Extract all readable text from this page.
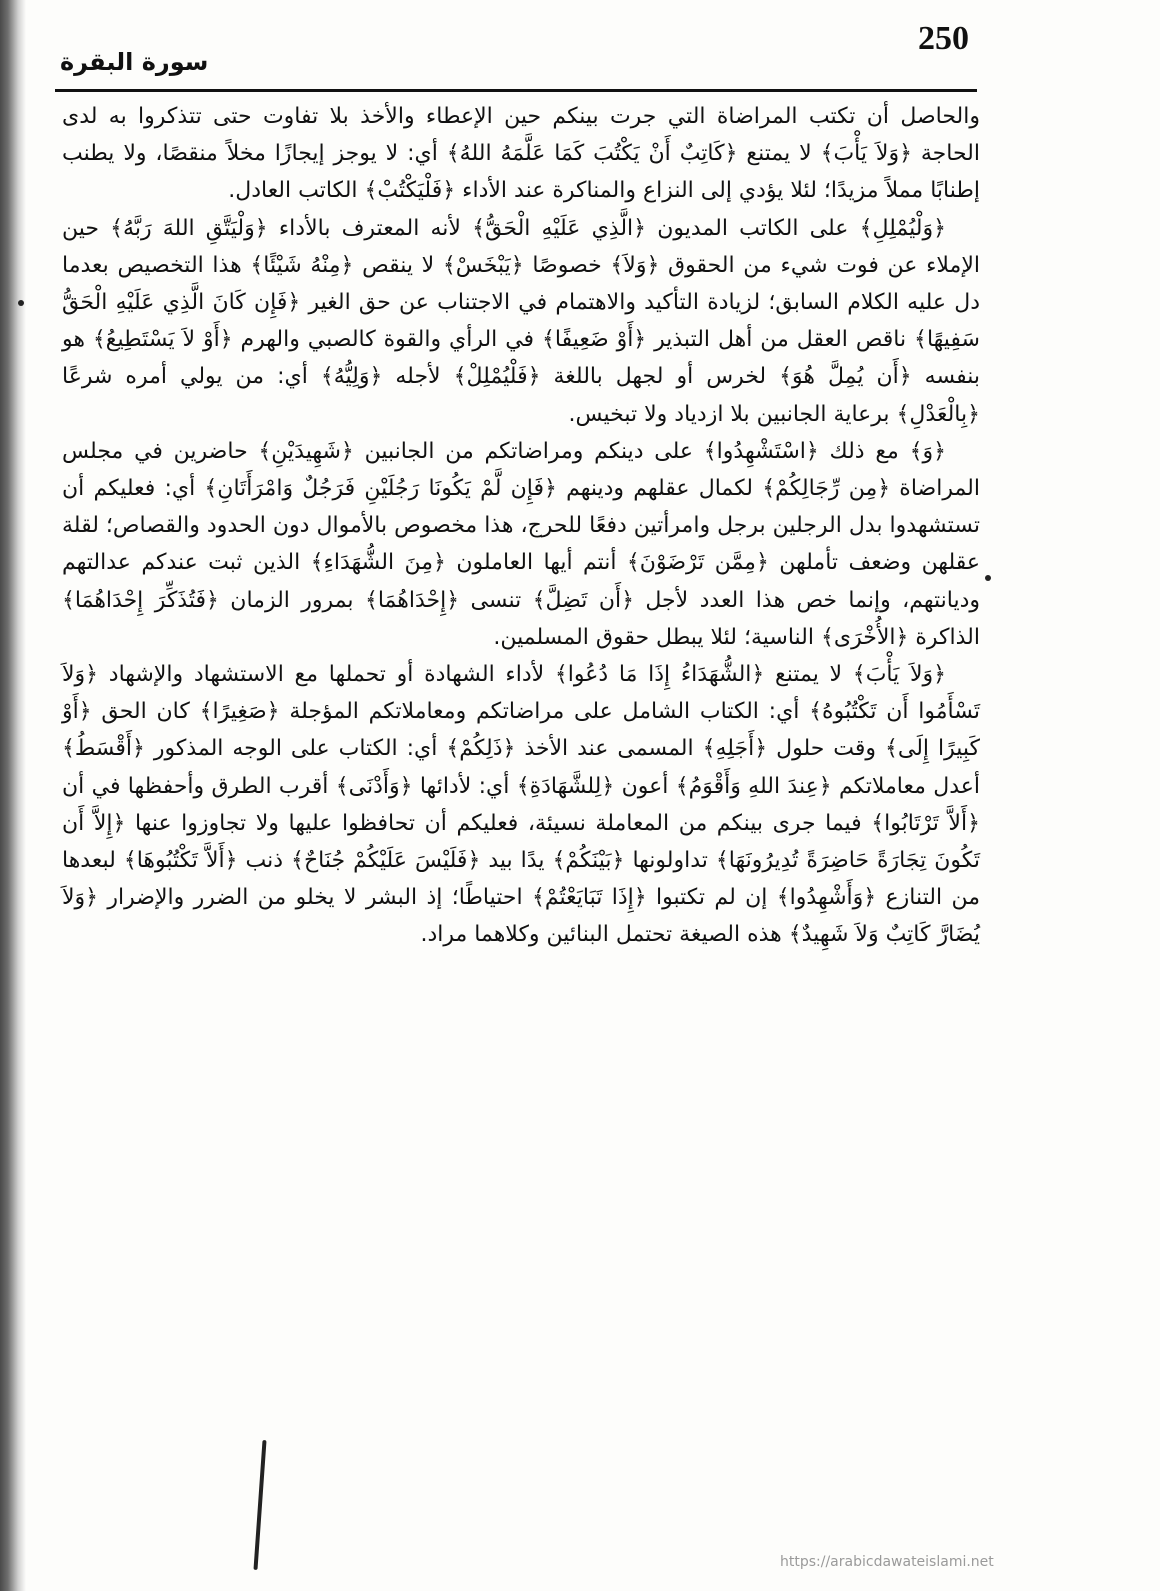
250
سورة البقرة

والحاصل أن تكتب المراضاة التي جرت بينكم حين الإعطاء والأخذ بلا تفاوت حتى تتذكروا به لدى الحاجة ﴿وَلاَ يَأْبَ﴾ لا يمتنع ﴿كَاتِبٌ أَنْ يَكْتُبَ كَمَا عَلَّمَهُ اللهُ﴾ أي: لا يوجز إيجازًا مخلاً منقصًا، ولا يطنب إطنابًا مملاً مزيدًا؛ لئلا يؤدي إلى النزاع والمناكرة عند الأداء ﴿فَلْيَكْتُبْ﴾ الكاتب العادل.

﴿وَلْيُمْلِلِ﴾ على الكاتب المديون ﴿الَّذِي عَلَيْهِ الْحَقُّ﴾ لأنه المعترف بالأداء ﴿وَلْيَتَّقِ اللهَ رَبَّهُ﴾ حين الإملاء عن فوت شيء من الحقوق ﴿وَلاَ﴾ خصوصًا ﴿يَبْخَسْ﴾ لا ينقص ﴿مِنْهُ شَيْئًا﴾ هذا التخصيص بعدما دل عليه الكلام السابق؛ لزيادة التأكيد والاهتمام في الاجتناب عن حق الغير ﴿فَإِن كَانَ الَّذِي عَلَيْهِ الْحَقُّ سَفِيهًا﴾ ناقص العقل من أهل التبذير ﴿أَوْ ضَعِيفًا﴾ في الرأي والقوة كالصبي والهرم ﴿أَوْ لاَ يَسْتَطِيعُ﴾ هو بنفسه ﴿أَن يُمِلَّ هُوَ﴾ لخرس أو لجهل باللغة ﴿فَلْيُمْلِلْ﴾ لأجله ﴿وَلِيُّهُ﴾ أي: من يولي أمره شرعًا ﴿بِالْعَدْلِ﴾ برعاية الجانبين بلا ازدياد ولا تبخيس.

﴿وَ﴾ مع ذلك ﴿اسْتَشْهِدُوا﴾ على دينكم ومراضاتكم من الجانبين ﴿شَهِيدَيْنِ﴾ حاضرين في مجلس المراضاة ﴿مِن رِّجَالِكُمْ﴾ لكمال عقلهم ودينهم ﴿فَإِن لَّمْ يَكُونَا رَجُلَيْنِ فَرَجُلٌ وَامْرَأَتَانِ﴾ أي: فعليكم أن تستشهدوا بدل الرجلين برجل وامرأتين دفعًا للحرج، هذا مخصوص بالأموال دون الحدود والقصاص؛ لقلة عقلهن وضعف تأملهن ﴿مِمَّن تَرْضَوْنَ﴾ أنتم أيها العاملون ﴿مِنَ الشُّهَدَاءِ﴾ الذين ثبت عندكم عدالتهم وديانتهم، وإنما خص هذا العدد لأجل ﴿أَن تَضِلَّ﴾ تنسى ﴿إِحْدَاهُمَا﴾ بمرور الزمان ﴿فَتُذَكِّرَ إِحْدَاهُمَا﴾ الذاكرة ﴿الأُخْرَى﴾ الناسية؛ لئلا يبطل حقوق المسلمين.

﴿وَلاَ يَأْبَ﴾ لا يمتنع ﴿الشُّهَدَاءُ إِذَا مَا دُعُوا﴾ لأداء الشهادة أو تحملها مع الاستشهاد والإشهاد ﴿وَلاَ تَسْأَمُوا أَن تَكْتُبُوهُ﴾ أي: الكتاب الشامل على مراضاتكم ومعاملاتكم المؤجلة ﴿صَغِيرًا﴾ كان الحق ﴿أَوْ كَبِيرًا إِلَى﴾ وقت حلول ﴿أَجَلِهِ﴾ المسمى عند الأخذ ﴿ذَلِكُمْ﴾ أي: الكتاب على الوجه المذكور ﴿أَقْسَطُ﴾ أعدل معاملاتكم ﴿عِندَ اللهِ وَأَقْوَمُ﴾ أعون ﴿لِلشَّهَادَةِ﴾ أي: لأدائها ﴿وَأَدْنَى﴾ أقرب الطرق وأحفظها في أن ﴿أَلاَّ تَرْتَابُوا﴾ فيما جرى بينكم من المعاملة نسيئة، فعليكم أن تحافظوا عليها ولا تجاوزوا عنها ﴿إِلاَّ أَن تَكُونَ تِجَارَةً حَاضِرَةً تُدِيرُونَهَا﴾ تداولونها ﴿بَيْنَكُمْ﴾ يدًا بيد ﴿فَلَيْسَ عَلَيْكُمْ جُنَاحٌ﴾ ذنب ﴿أَلاَّ تَكْتُبُوهَا﴾ لبعدها من التنازع ﴿وَأَشْهِدُوا﴾ إن لم تكتبوا ﴿إِذَا تَبَايَعْتُمْ﴾ احتياطًا؛ إذ البشر لا يخلو من الضرر والإضرار ﴿وَلاَ يُضَارَّ كَاتِبٌ وَلاَ شَهِيدٌ﴾ هذه الصيغة تحتمل البنائين وكلاهما مراد.

https://arabicdawateislami.net
